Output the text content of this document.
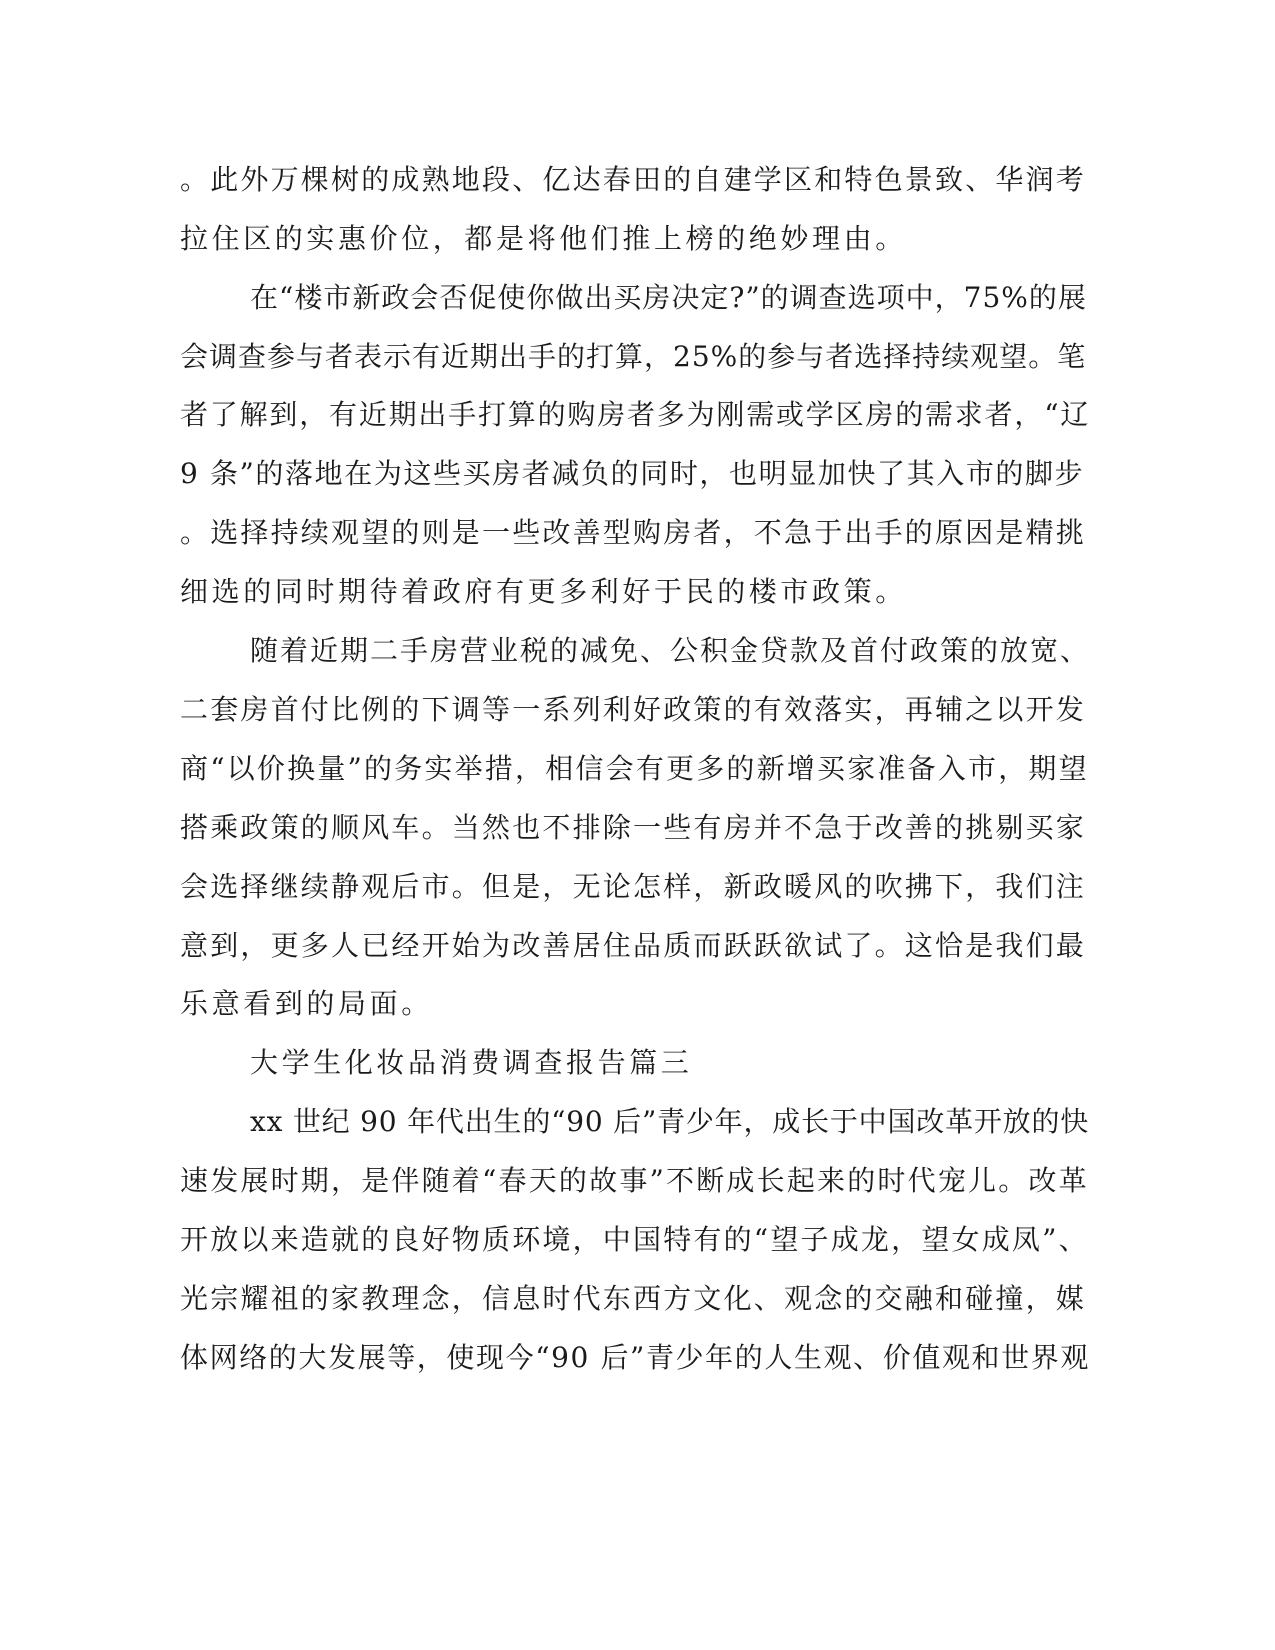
。此外万棵树的成熟地段、亿达春田的自建学区和特色景致、华润考
拉住区的实惠价位，都是将他们推上榜的绝妙理由。
在“楼市新政会否促使你做出买房决定?”的调查选项中，75%的展
会调查参与者表示有近期出手的打算，25%的参与者选择持续观望。笔
者了解到，有近期出手打算的购房者多为刚需或学区房的需求者，“辽
9 条”的落地在为这些买房者减负的同时，也明显加快了其入市的脚步
。选择持续观望的则是一些改善型购房者，不急于出手的原因是精挑
细选的同时期待着政府有更多利好于民的楼市政策。
随着近期二手房营业税的减免、公积金贷款及首付政策的放宽、
二套房首付比例的下调等一系列利好政策的有效落实，再辅之以开发
商“以价换量”的务实举措，相信会有更多的新增买家准备入市，期望
搭乘政策的顺风车。当然也不排除一些有房并不急于改善的挑剔买家
会选择继续静观后市。但是，无论怎样，新政暖风的吹拂下，我们注
意到，更多人已经开始为改善居住品质而跃跃欲试了。这恰是我们最
乐意看到的局面。
大学生化妆品消费调查报告篇三
xx 世纪 90 年代出生的“90 后”青少年，成长于中国改革开放的快
速发展时期，是伴随着“春天的故事”不断成长起来的时代宠儿。改革
开放以来造就的良好物质环境，中国特有的“望子成龙，望女成凤”、
光宗耀祖的家教理念，信息时代东西方文化、观念的交融和碰撞，媒
体网络的大发展等，使现今“90 后”青少年的人生观、价值观和世界观
